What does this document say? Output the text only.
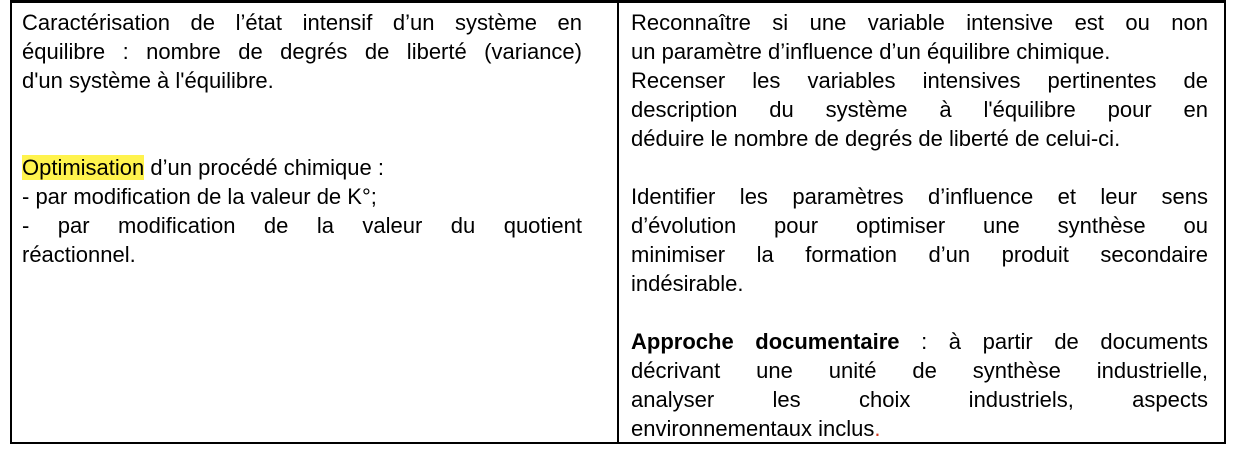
Caractérisation de l’état intensif d’un système en
équilibre : nombre de degrés de liberté (variance)
d'un système à l'équilibre.
Optimisation d’un procédé chimique :
- par modification de la valeur de K°;
- par modification de la valeur du quotient
réactionnel.
Reconnaître si une variable intensive est ou non
un paramètre d’influence d’un équilibre chimique.
Recenser les variables intensives pertinentes de
description du système à l'équilibre pour en
déduire le nombre de degrés de liberté de celui-ci.
Identifier les paramètres d’influence et leur sens
d’évolution pour optimiser une synthèse ou
minimiser la formation d’un produit secondaire
indésirable.
Approche documentaire : à partir de documents
décrivant une unité de synthèse industrielle,
analyser les choix industriels, aspects
environnementaux inclus.
